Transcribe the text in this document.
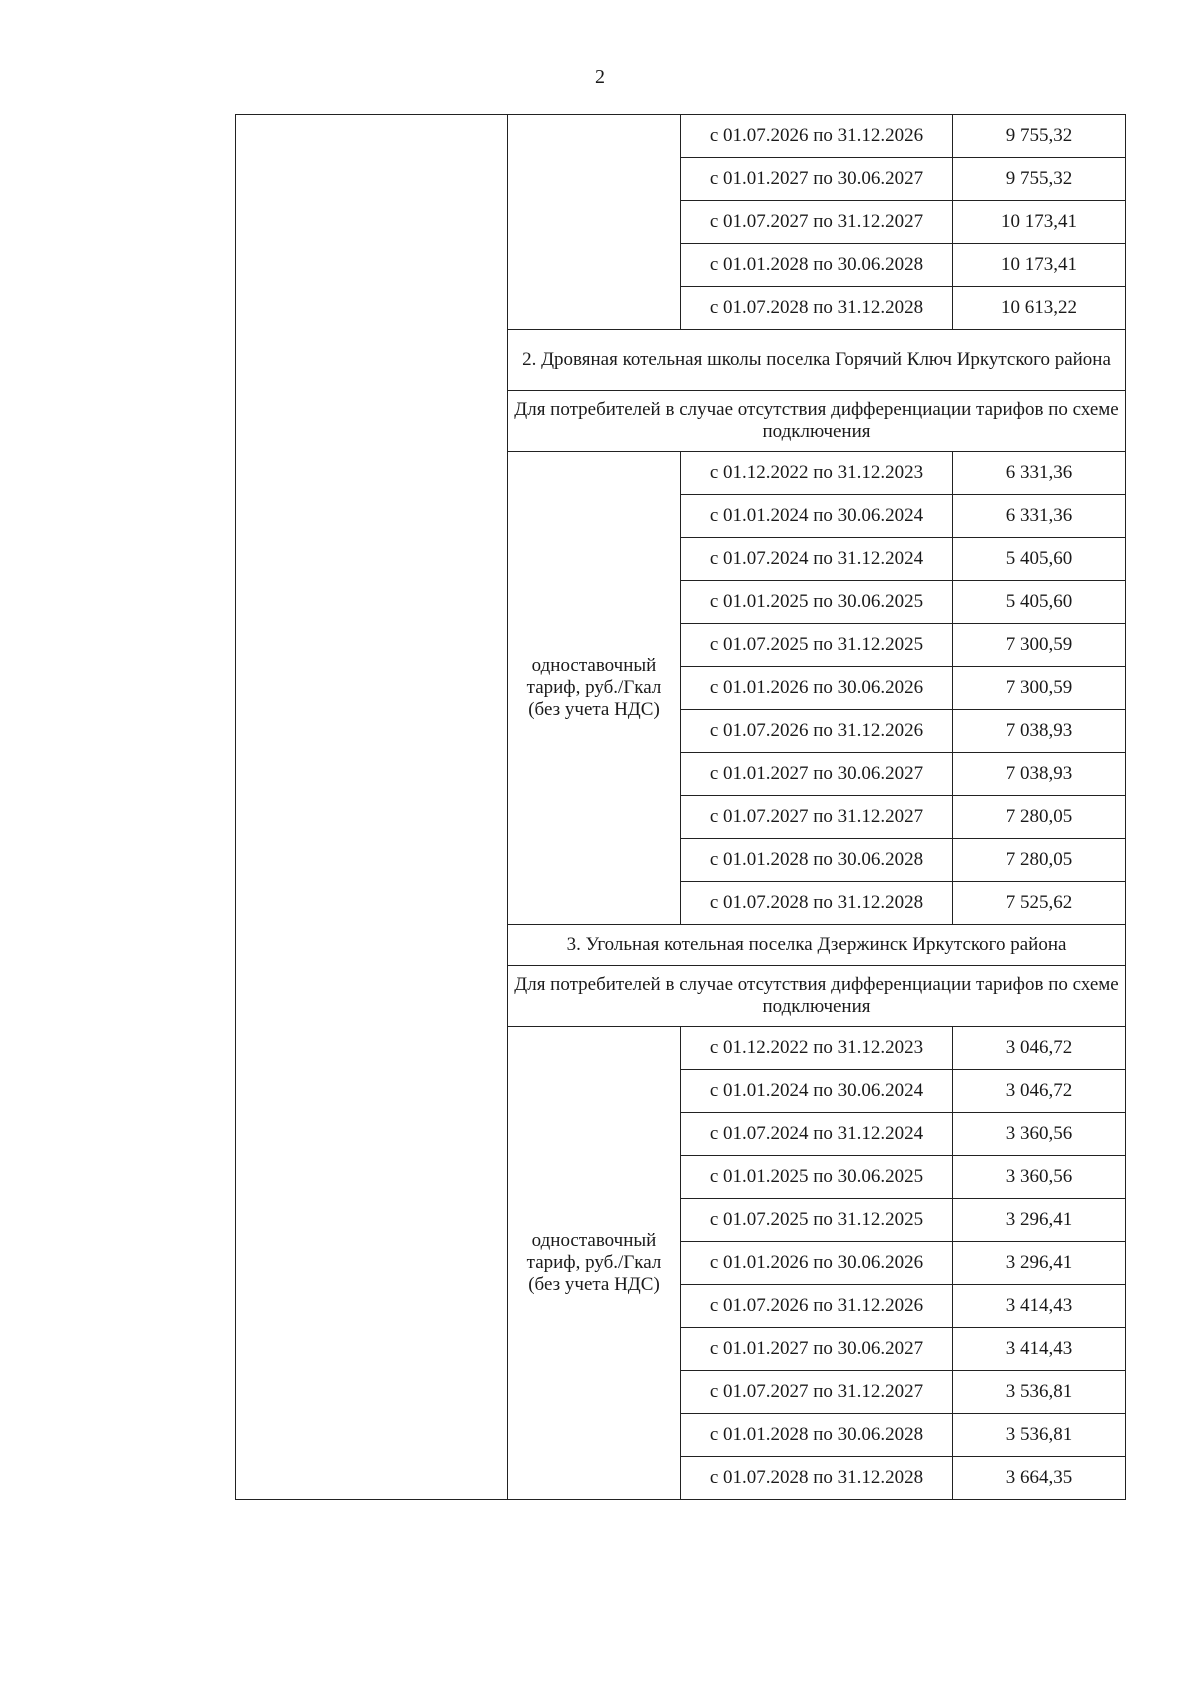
2
		с 01.07.2026 по 31.12.2026	9 755,32
		с 01.01.2027 по 30.06.2027	9 755,32
		с 01.07.2027 по 31.12.2027	10 173,41
		с 01.01.2028 по 30.06.2028	10 173,41
		с 01.07.2028 по 31.12.2028	10 613,22
	2. Дровяная котельная школы поселка Горячий Ключ Иркутского района		
	Для потребителей в случае отсутствия дифференциации тарифов по схеме подключения		

	одноставочный
тариф, руб./Гкал
(без учета НДС)	с 01.12.2022 по 31.12.2023	6 331,36
		с 01.01.2024 по 30.06.2024	6 331,36
		с 01.07.2024 по 31.12.2024	5 405,60
		с 01.01.2025 по 30.06.2025	5 405,60
		с 01.07.2025 по 31.12.2025	7 300,59
		с 01.01.2026 по 30.06.2026	7 300,59
		с 01.07.2026 по 31.12.2026	7 038,93
		с 01.01.2027 по 30.06.2027	7 038,93
		с 01.07.2027 по 31.12.2027	7 280,05
		с 01.01.2028 по 30.06.2028	7 280,05
		с 01.07.2028 по 31.12.2028	7 525,62
	3. Угольная котельная поселка Дзержинск Иркутского района		
	Для потребителей в случае отсутствия дифференциации тарифов по схеме подключения		

	одноставочный
тариф, руб./Гкал
(без учета НДС)	с 01.12.2022 по 31.12.2023	3 046,72
		с 01.01.2024 по 30.06.2024	3 046,72
		с 01.07.2024 по 31.12.2024	3 360,56
		с 01.01.2025 по 30.06.2025	3 360,56
		с 01.07.2025 по 31.12.2025	3 296,41
		с 01.01.2026 по 30.06.2026	3 296,41
		с 01.07.2026 по 31.12.2026	3 414,43
		с 01.01.2027 по 30.06.2027	3 414,43
		с 01.07.2027 по 31.12.2027	3 536,81
		с 01.01.2028 по 30.06.2028	3 536,81
		с 01.07.2028 по 31.12.2028	3 664,35
